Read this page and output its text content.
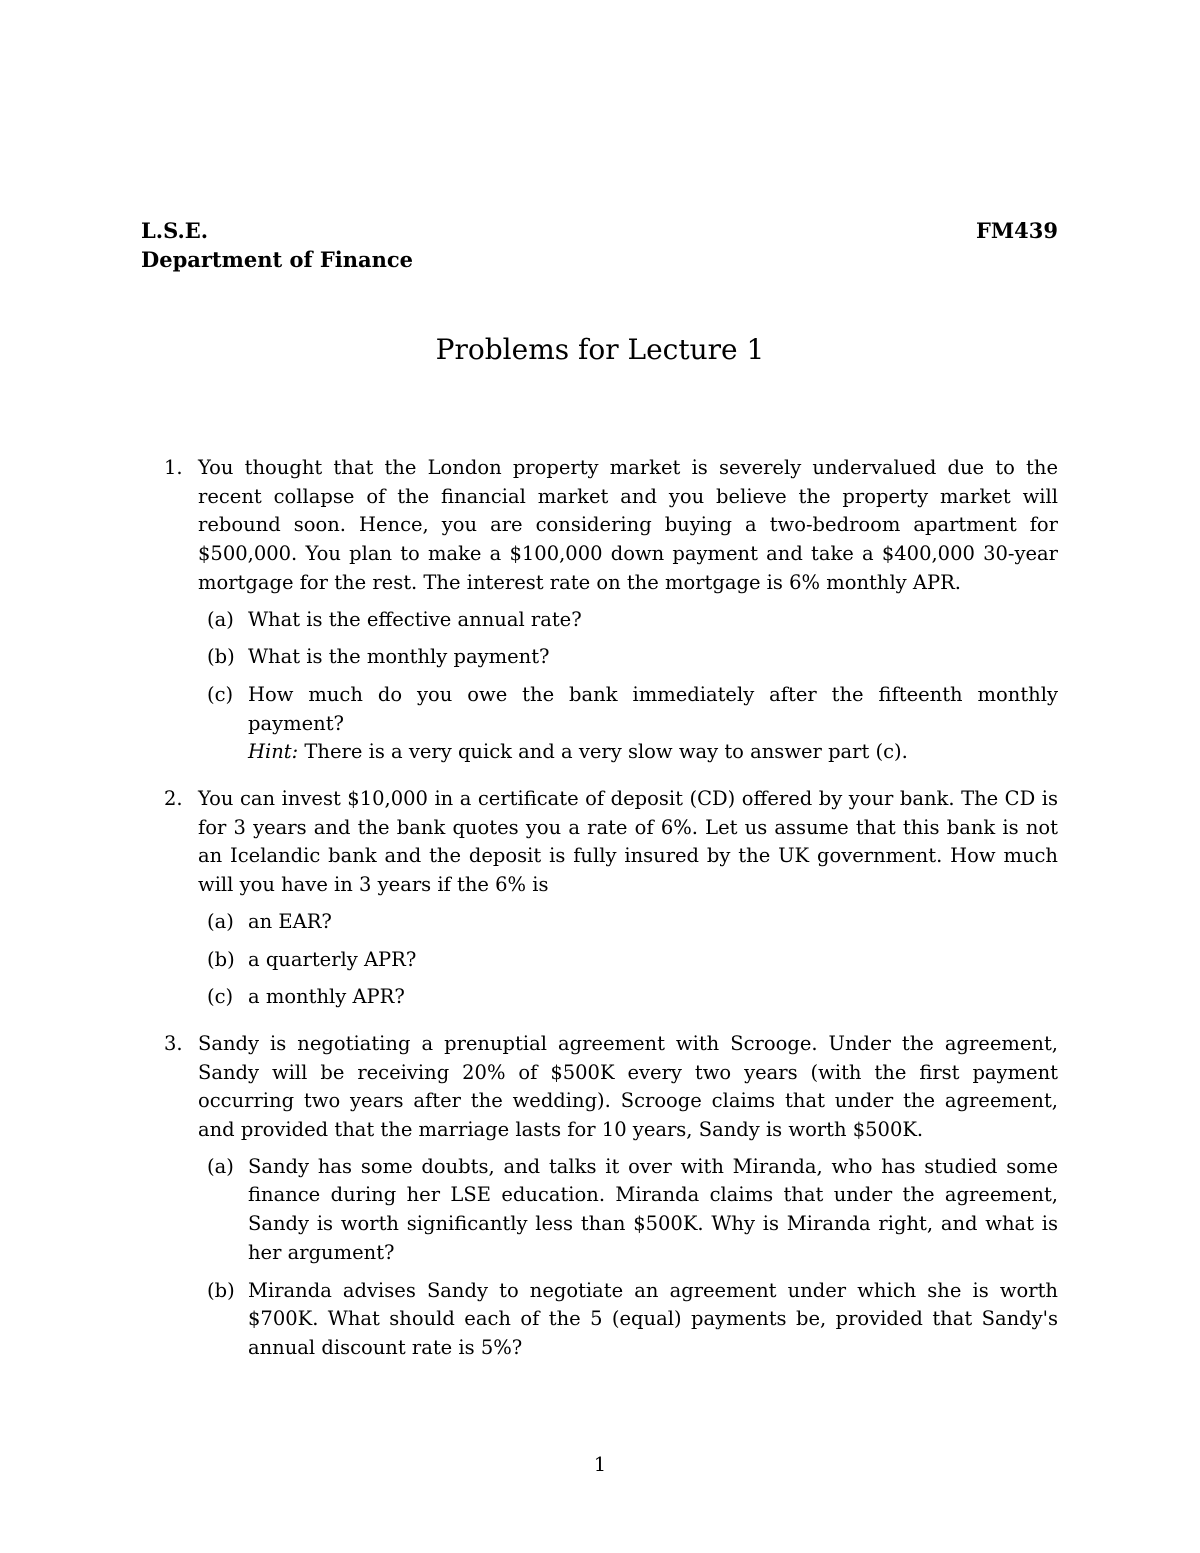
L.S.E.
Department of Finance
FM439
Problems for Lecture 1
1. You thought that the London property market is severely undervalued due to the recent collapse of the financial market and you believe the property market will rebound soon. Hence, you are considering buying a two-bedroom apartment for $500,000. You plan to make a $100,000 down payment and take a $400,000 30-year mortgage for the rest. The interest rate on the mortgage is 6% monthly APR.

(a) What is the effective annual rate?
(b) What is the monthly payment?
(c) How much do you owe the bank immediately after the fifteenth monthly payment?
Hint: There is a very quick and a very slow way to answer part (c).
2. You can invest $10,000 in a certificate of deposit (CD) offered by your bank. The CD is for 3 years and the bank quotes you a rate of 6%. Let us assume that this bank is not an Icelandic bank and the deposit is fully insured by the UK government. How much will you have in 3 years if the 6% is

(a) an EAR?
(b) a quarterly APR?
(c) a monthly APR?
3. Sandy is negotiating a prenuptial agreement with Scrooge. Under the agreement, Sandy will be receiving 20% of $500K every two years (with the first payment occurring two years after the wedding). Scrooge claims that under the agreement, and provided that the marriage lasts for 10 years, Sandy is worth $500K.

(a) Sandy has some doubts, and talks it over with Miranda, who has studied some finance during her LSE education. Miranda claims that under the agreement, Sandy is worth significantly less than $500K. Why is Miranda right, and what is her argument?
(b) Miranda advises Sandy to negotiate an agreement under which she is worth $700K. What should each of the 5 (equal) payments be, provided that Sandy's annual discount rate is 5%?
1
